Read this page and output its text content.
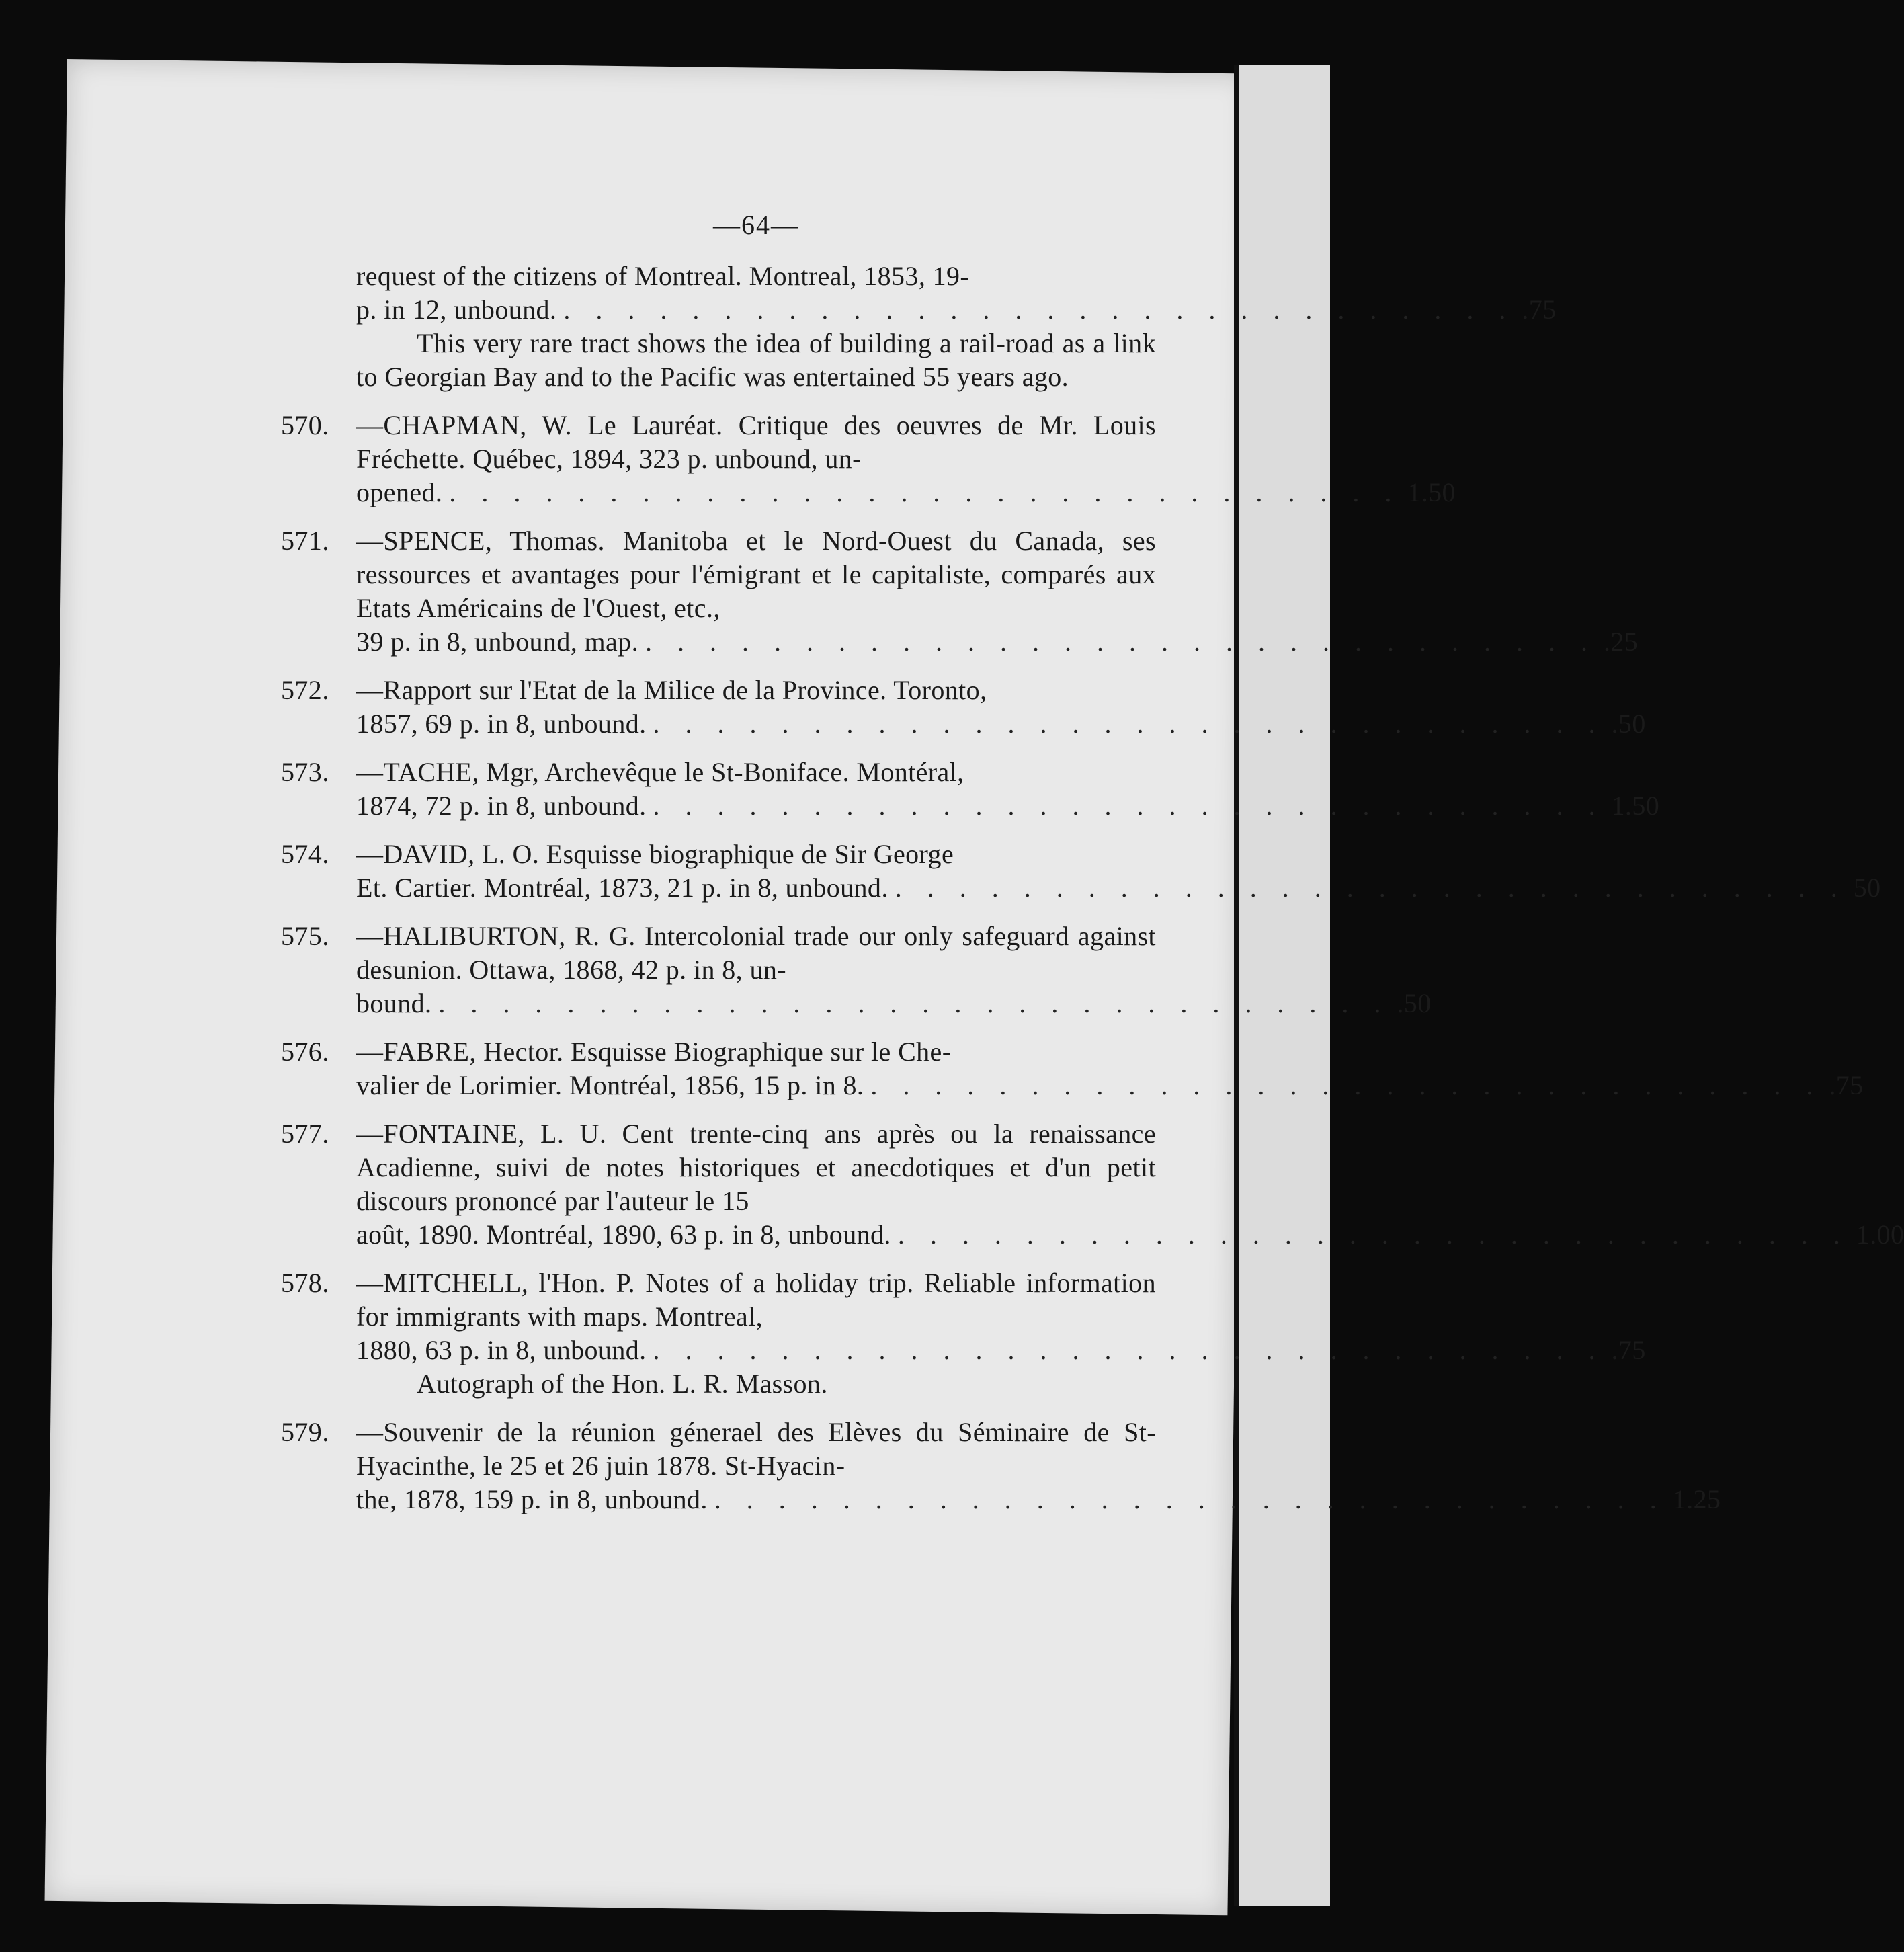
—64—
request of the citizens of Montreal. Montreal, 1853, 19-
p. in 12, unbound. . . . . . . . . . . . . . . . . . . . . . . . . . . . . . . .75
This very rare tract shows the idea of building a rail-road as a link to Georgian Bay and to the Pacific was entertained 55 years ago.
570.	—CHAPMAN, W. Le Lauréat. Critique des oeuvres de Mr. Louis Fréchette. Québec, 1894, 323 p. unbound, un-
opened. . . . . . . . . . . . . . . . . . . . . . . . . . . . . . . 1.50
571.	—SPENCE, Thomas. Manitoba et le Nord-Ouest du Canada, ses ressources et avantages pour l'émigrant et le capitaliste, comparés aux Etats Américains de l'Ouest, etc.,
39 p. in 8, unbound, map. . . . . . . . . . . . . . . . . . . . . . . . . . . . . . . .25
572.	—Rapport sur l'Etat de la Milice de la Province. Toronto,
1857, 69 p. in 8, unbound. . . . . . . . . . . . . . . . . . . . . . . . . . . . . . . .50
573.	—TACHE, Mgr, Archevêque le St-Boniface. Montéral,
1874, 72 p. in 8, unbound. . . . . . . . . . . . . . . . . . . . . . . . . . . . . . . 1.50
574.	—DAVID, L. O. Esquisse biographique de Sir George
Et. Cartier. Montréal, 1873, 21 p. in 8, unbound. . . . . . . . . . . . . . . . . . . . . . . . . . . . . . . 50
575.	—HALIBURTON, R. G. Intercolonial trade our only safeguard against desunion. Ottawa, 1868, 42 p. in 8, un-
bound. . . . . . . . . . . . . . . . . . . . . . . . . . . . . . . .50
576.	—FABRE, Hector. Esquisse Biographique sur le Che-
valier de Lorimier. Montréal, 1856, 15 p. in 8. . . . . . . . . . . . . . . . . . . . . . . . . . . . . . . .75
577.	—FONTAINE, L. U. Cent trente-cinq ans après ou la renaissance Acadienne, suivi de notes historiques et anecdotiques et d'un petit discours prononcé par l'auteur le 15
août, 1890. Montréal, 1890, 63 p. in 8, unbound. . . . . . . . . . . . . . . . . . . . . . . . . . . . . . . 1.00
578.	—MITCHELL, l'Hon. P. Notes of a holiday trip. Reliable information for immigrants with maps. Montreal,
1880, 63 p. in 8, unbound. . . . . . . . . . . . . . . . . . . . . . . . . . . . . . . .75
Autograph of the Hon. L. R. Masson.
579.	—Souvenir de la réunion génerael des Elèves du Séminaire de St-Hyacinthe, le 25 et 26 juin 1878. St-Hyacin-
the, 1878, 159 p. in 8, unbound. . . . . . . . . . . . . . . . . . . . . . . . . . . . . . . 1.25
